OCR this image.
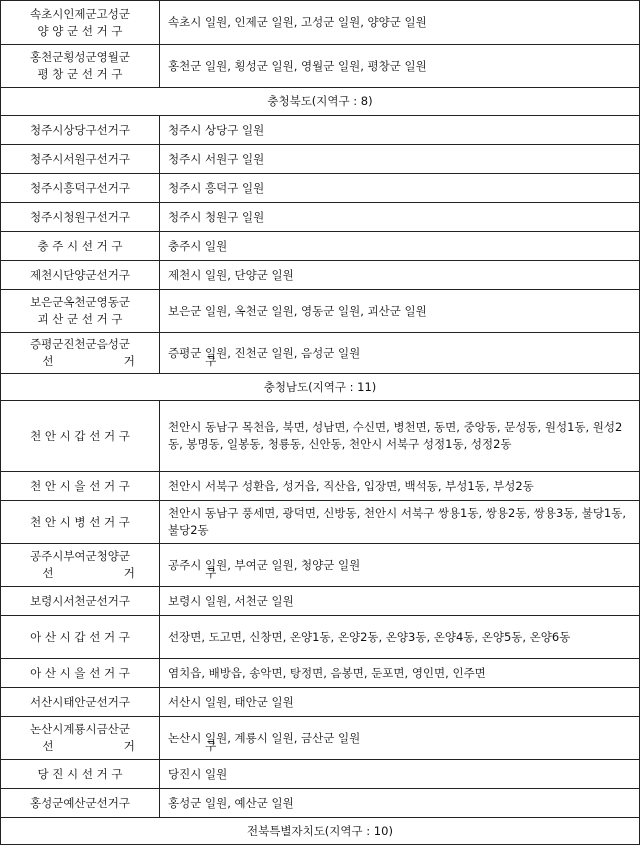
속초시인제군고성군
양 양 군 선 거 구	속초시 일원, 인제군 일원, 고성군 일원, 양양군 일원

홍천군횡성군영월군
평 창 군 선 거 구	홍천군 일원, 횡성군 일원, 영월군 일원, 평창군 일원
충청북도(지역구 : 8)	

청주시상당구선거구	청주시 상당구 일원

청주시서원구선거구	청주시 서원구 일원

청주시흥덕구선거구	청주시 흥덕구 일원

청주시청원구선거구	청주시 청원구 일원

충 주 시 선 거 구	충주시 일원

제천시단양군선거구	제천시 일원, 단양군 일원

보은군옥천군영동군
괴 산 군 선 거 구	보은군 일원, 옥천군 일원, 영동군 일원, 괴산군 일원

증평군진천군음성군
선 거 구	증평군 일원, 진천군 일원, 음성군 일원
충청남도(지역구 : 11)	

천 안 시 갑 선 거 구	천안시 동남구 목천읍, 북면, 성남면, 수신면, 병천면, 동면, 중앙동, 문성동, 원성1동, 원성2동, 봉명동, 일봉동, 청룡동, 신안동, 천안시 서북구 성정1동, 성정2동

천 안 시 을 선 거 구	천안시 서북구 성환읍, 성거읍, 직산읍, 입장면, 백석동, 부성1동, 부성2동

천 안 시 병 선 거 구	천안시 동남구 풍세면, 광덕면, 신방동, 천안시 서북구 쌍용1동, 쌍용2동, 쌍용3동, 불당1동, 불당2동

공주시부여군청양군
선 거 구	공주시 일원, 부여군 일원, 청양군 일원

보령시서천군선거구	보령시 일원, 서천군 일원

아 산 시 갑 선 거 구	선장면, 도고면, 신창면, 온양1동, 온양2동, 온양3동, 온양4동, 온양5동, 온양6동

아 산 시 을 선 거 구	염치읍, 배방읍, 송악면, 탕정면, 음봉면, 둔포면, 영인면, 인주면

서산시태안군선거구	서산시 일원, 태안군 일원

논산시계룡시금산군
선 거 구	논산시 일원, 계룡시 일원, 금산군 일원

당 진 시 선 거 구	당진시 일원

홍성군예산군선거구	홍성군 일원, 예산군 일원
전북특별자치도(지역구 : 10)	
